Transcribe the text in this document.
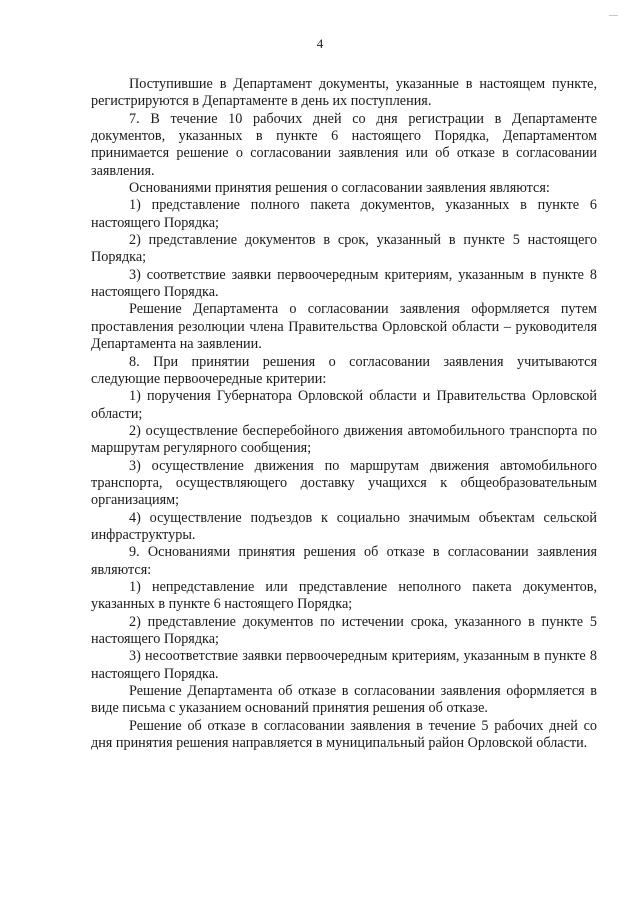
—
4

Поступившие в Департамент документы, указанные в настоящем пункте, регистрируются в Департаменте в день их поступления.

7. В течение 10 рабочих дней со дня регистрации в Департаменте документов, указанных в пункте 6 настоящего Порядка, Департаментом принимается решение о согласовании заявления или об отказе в согласовании заявления.

Основаниями принятия решения о согласовании заявления являются:

1) представление полного пакета документов, указанных в пункте 6 настоящего Порядка;

2) представление документов в срок, указанный в пункте 5 настоящего Порядка;

3) соответствие заявки первоочередным критериям, указанным в пункте 8 настоящего Порядка.

Решение Департамента о согласовании заявления оформляется путем проставления резолюции члена Правительства Орловской области – руководителя Департамента на заявлении.

8. При принятии решения о согласовании заявления учитываются следующие первоочередные критерии:

1) поручения Губернатора Орловской области и Правительства Орловской области;

2) осуществление бесперебойного движения автомобильного транспорта по маршрутам регулярного сообщения;

3) осуществление движения по маршрутам движения автомобильного транспорта, осуществляющего доставку учащихся к общеобразовательным организациям;

4) осуществление подъездов к социально значимым объектам сельской инфраструктуры.

9. Основаниями принятия решения об отказе в согласовании заявления являются:

1) непредставление или представление неполного пакета документов, указанных в пункте 6 настоящего Порядка;

2) представление документов по истечении срока, указанного в пункте 5 настоящего Порядка;

3) несоответствие заявки первоочередным критериям, указанным в пункте 8 настоящего Порядка.

Решение Департамента об отказе в согласовании заявления оформляется в виде письма с указанием оснований принятия решения об отказе.

Решение об отказе в согласовании заявления в течение 5 рабочих дней со дня принятия решения направляется в муниципальный район Орловской области.
